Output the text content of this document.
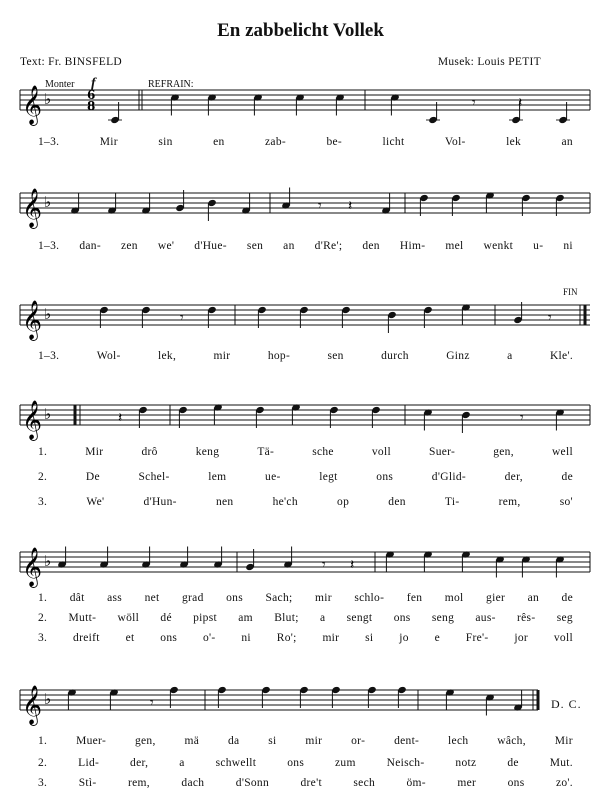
En zabbelicht Vollek
Text: Fr. BINSFELD	Musek: Louis PETIT
Monter f	REFRAIN:
FIN
D. C.
𝄞 ♭	6
8	𝄾	𝄽
𝄞 ♭	𝄾 𝄽
𝄞 ♭	𝄾	𝄾
𝄞 ♭	𝄽	𝄾
𝄞 ♭	𝄾 𝄽
𝄞 ♭	𝄾
1–3.	Mir	sin	en	zab-	be-	licht	Vol-	lek	an
1–3. dan- zen we' d'Hue- sen an d'Re'; den Him- mel wenkt u- ni
1–3.	Wol-	lek,	mir	hop-	sen	durch	Ginz	a	Kle'.
1.	Mir	drô	keng	Tä-	sche	voll	Suer-	gen,	well
2.	De	Schel-	lem	ue-	legt	ons	d'Glid-	der,	de
3.	We'	d'Hun-	nen	he'ch	op	den	Ti-	rem,	so'
1. dât ass net grad ons Sach; mir schlo- fen mol gier an de
2. Mutt- wöll dé pipst am Blut; a sengt ons seng aus- rês- seg
3. dreift et ons o'- ni Ro'; mir si jo e Fre'- jor voll
1.	Muer-	gen,	mä	da	si	mir	or-	dent-	lech	wâch,	Mir
2.	Lid-	der,	a	schwellt	ons	zum	Neisch-	notz	de	Mut.
3.	Stì-	rem,	dach	d'Sonn	dre't	sech	öm-	mer	ons	zo'.
